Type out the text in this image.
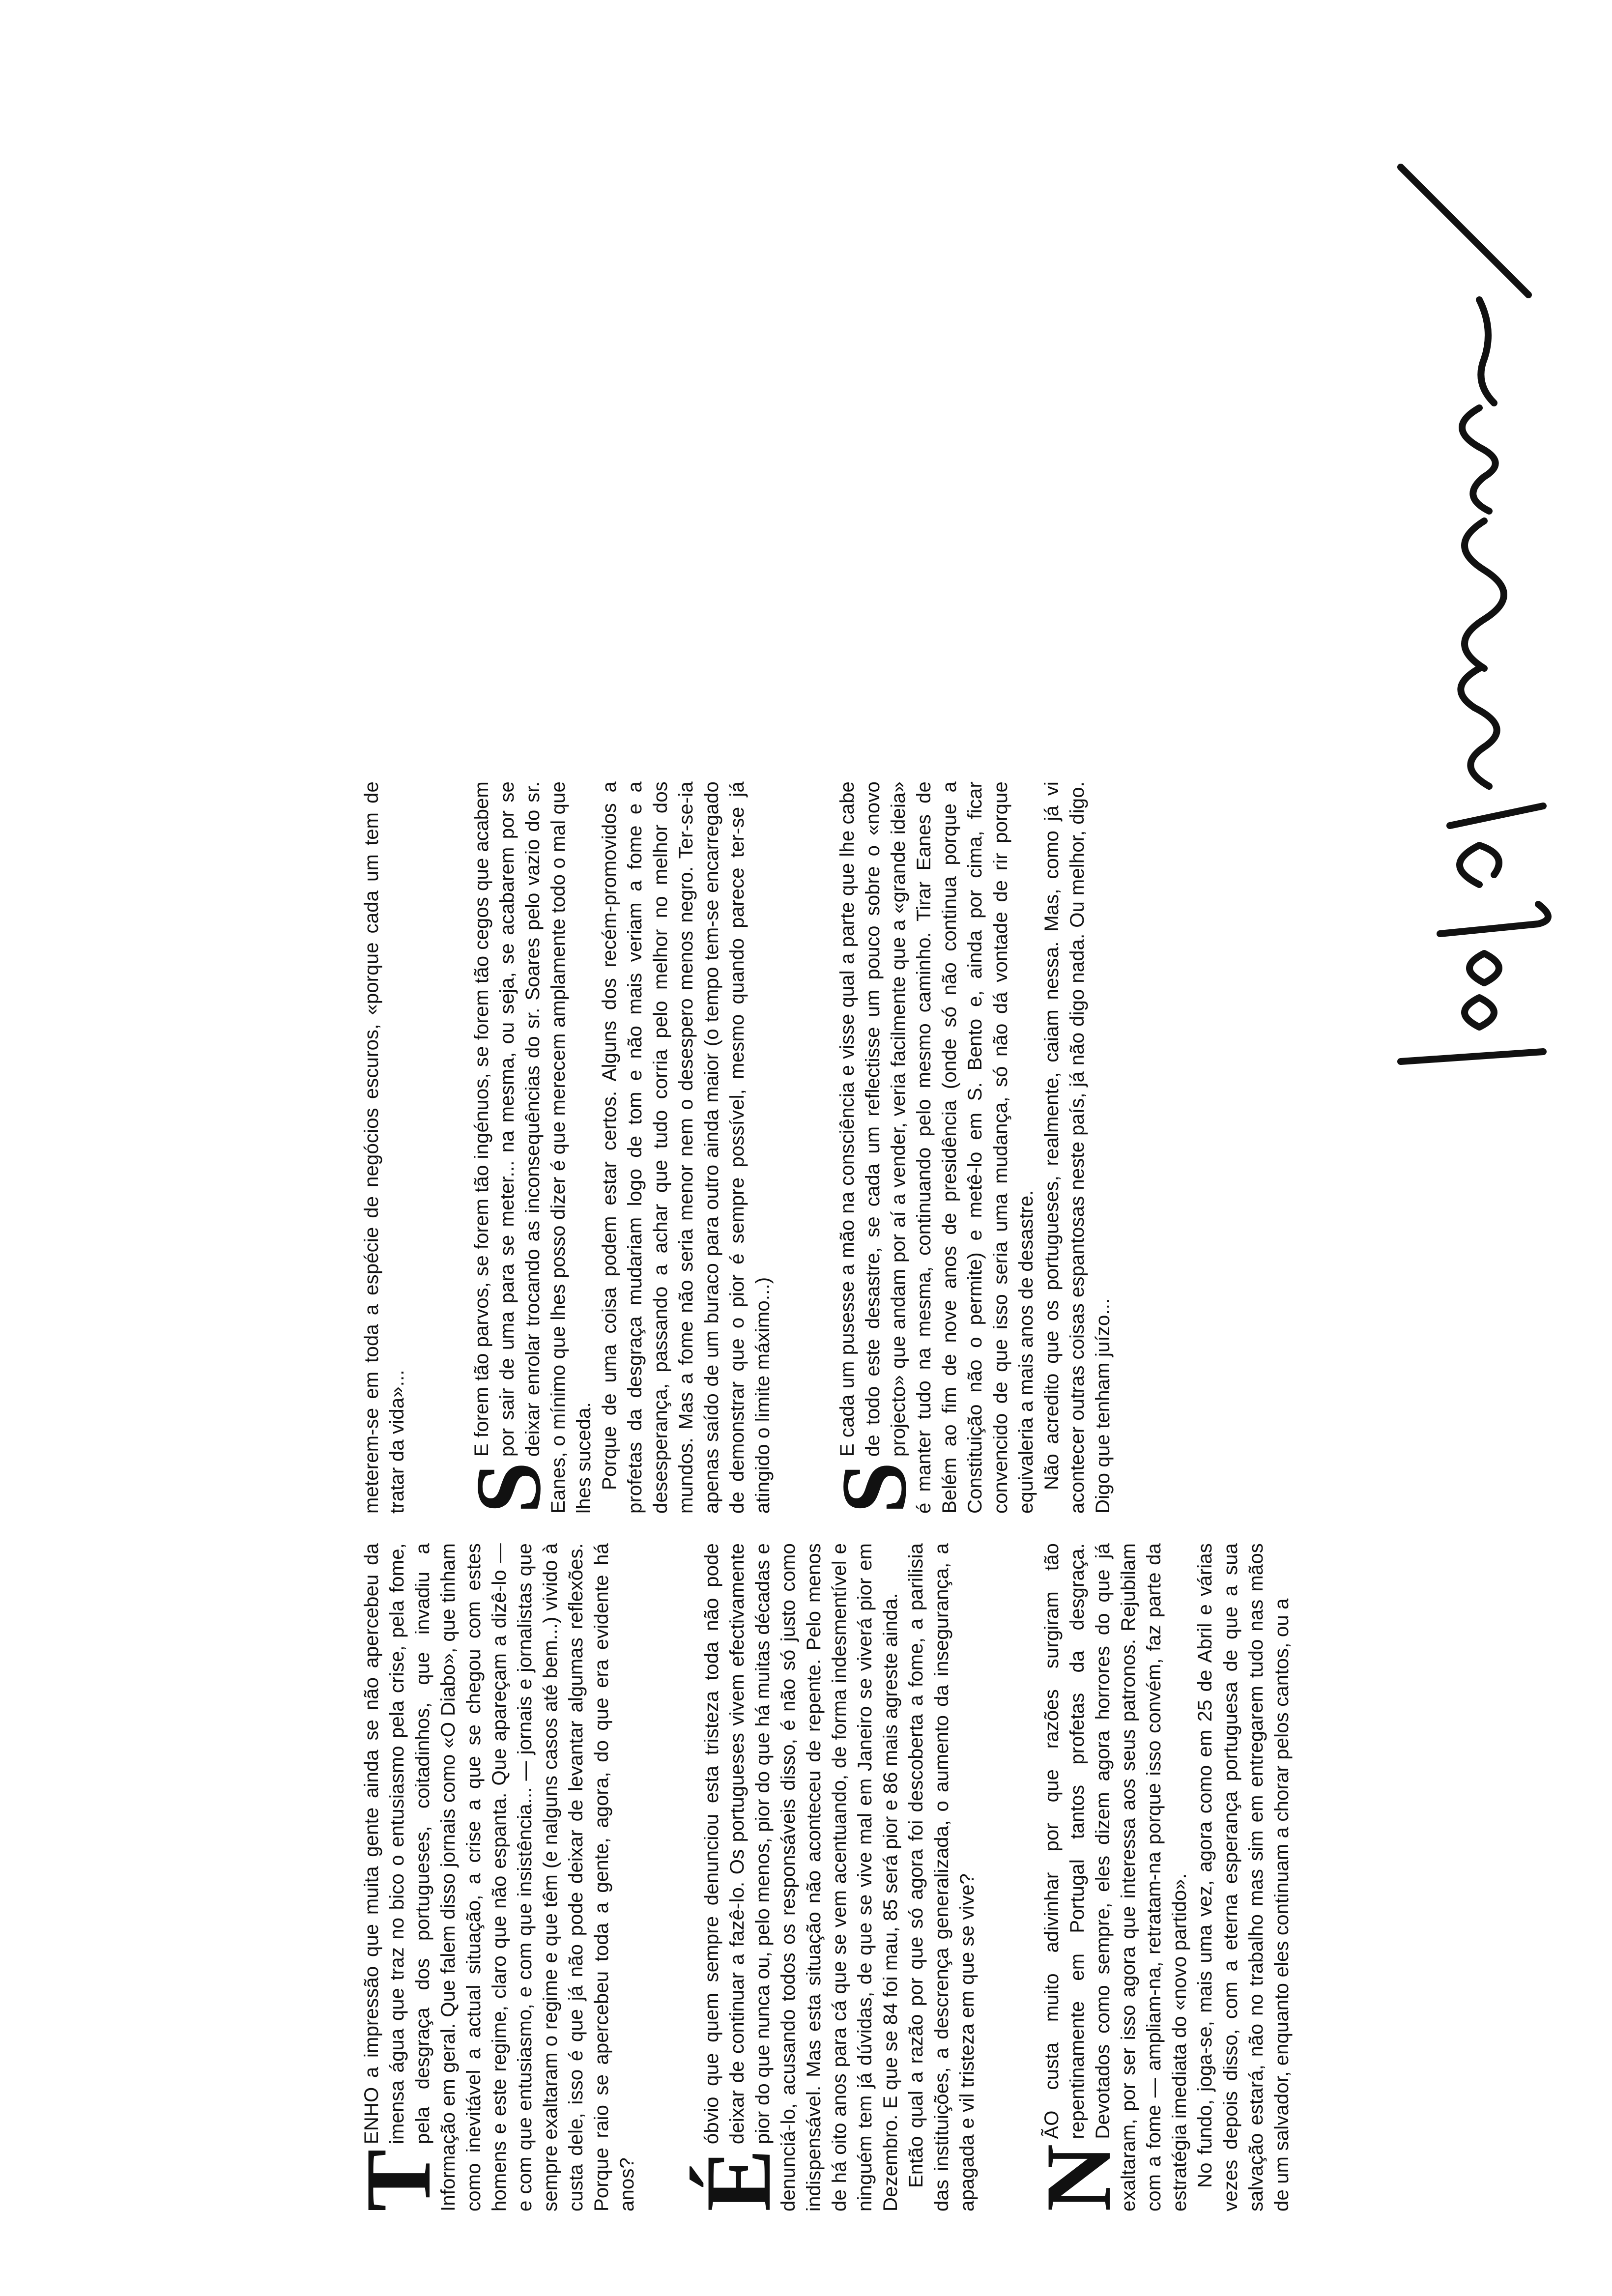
T
ENHO a impressão que muita gente ainda se não apercebeu da imensa água que traz no bico o entusiasmo pela crise, pela fome, pela desgraça dos portugueses, coitadinhos, que invadiu a Informação em geral. Que falem disso jornais como «O Diabo», que tinham como inevitável a actual situação, a crise a que se chegou com estes homens e este regime, claro que não espanta. Que apareçam a dizê-lo — e com que entusiasmo, e com que insistência... — jornais e jornalistas que sempre exaltaram o regime e que têm (e nalguns casos até bem...) vivido à custa dele, isso é que já não pode deixar de levantar algumas reflexões. Porque raio se apercebeu toda a gente, agora, do que era evidente há anos? É
óbvio que quem sempre denunciou esta tristeza toda não pode deixar de continuar a fazê-lo. Os portugueses vivem efectivamente pior do que nunca ou, pelo menos, pior do que há muitas décadas e denunciá-lo, acusando todos os responsáveis disso, é não só justo como indispensável. Mas esta situação não aconteceu de repente. Pelo menos de há oito anos para cá que se vem acentuando, de forma indesmentível e ninguém tem já dúvidas, de que se vive mal em Janeiro se viverá pior em Dezembro. E que se 84 foi mau, 85 será pior e 86 mais agreste ainda. Então qual a razão por que só agora foi descoberta a fome, a parilisia das instituições, a descrença generalizada, o aumento da insegurança, a apagada e vil tristeza em que se vive? N
ÃO custa muito adivinhar por que razões surgiram tão repentinamente em Portugal tantos profetas da desgraça. Devotados como sempre, eles dizem agora horrores do que já exaltaram, por ser isso agora que interessa aos seus patronos. Rejubilam com a fome — ampliam-na, retratam-na porque isso convém, faz parte da estratégia imediata do «novo partido». No fundo, joga-se, mais uma vez, agora como em 25 de Abril e várias vezes depois disso, com a eterna esperança portuguesa de que a sua salvação estará, não no trabalho mas sim em entregarem tudo nas mãos de um salvador, enquanto eles continuam a chorar pelos cantos, ou a
meterem-se em toda a espécie de negócios escuros, «porque cada um tem de tratar da vida»... S
E forem tão parvos, se forem tão ingénuos, se forem tão cegos que acabem por sair de uma para se meter... na mesma, ou seja, se acabarem por se deixar enrolar trocando as inconsequências do sr. Soares pelo vazio do sr. Eanes, o mínimo que lhes posso dizer é que merecem amplamente todo o mal que lhes suceda. Porque de uma coisa podem estar certos. Alguns dos recém-promovidos a profetas da desgraça mudariam logo de tom e não mais veriam a fome e a desesperança, passando a achar que tudo corria pelo melhor no melhor dos mundos. Mas a fome não seria menor nem o desespero menos negro. Ter-se-ia apenas saído de um buraco para outro ainda maior (o tempo tem-se encarregado de demonstrar que o pior é sempre possível, mesmo quando parece ter-se já atingido o limite máximo...) S
E cada um pusesse a mão na consciência e visse qual a parte que lhe cabe de todo este desastre, se cada um reflectisse um pouco sobre o «novo projecto» que andam por aí a vender, veria facilmente que a «grande ideia» é manter tudo na mesma, continuando pelo mesmo caminho. Tirar Eanes de Belém ao fim de nove anos de presidência (onde só não continua porque a Constituição não o permite) e metê-lo em S. Bento e, ainda por cima, ficar convencido de que isso seria uma mudança, só não dá vontade de rir porque equivaleria a mais anos de desastre. Não acredito que os portugueses, realmente, caiam nessa. Mas, como já vi acontecer outras coisas espantosas neste país, já não digo nada. Ou melhor, digo. Digo que tenham juízo...
